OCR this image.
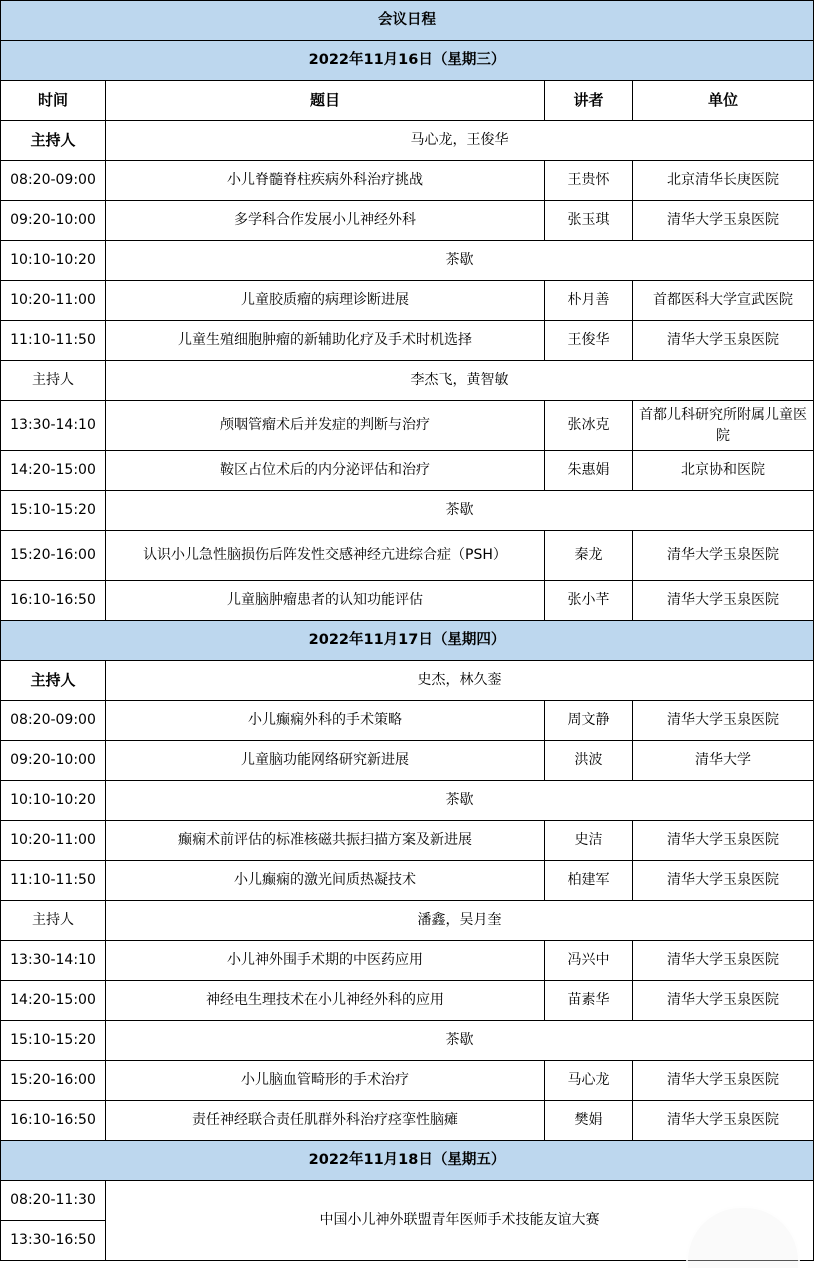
会议日程			
2022年11月16日（星期三）			
时间	题目	讲者	单位
主持人	马心龙，王俊华		
08:20-09:00	小儿脊髓脊柱疾病外科治疗挑战	王贵怀	北京清华长庚医院
09:20-10:00	多学科合作发展小儿神经外科	张玉琪	清华大学玉泉医院
10:10-10:20	茶歇		
10:20-11:00	儿童胶质瘤的病理诊断进展	朴月善	首都医科大学宣武医院
11:10-11:50	儿童生殖细胞肿瘤的新辅助化疗及手术时机选择	王俊华	清华大学玉泉医院
主持人	李杰飞，黄智敏		
13:30-14:10	颅咽管瘤术后并发症的判断与治疗	张冰克	首都儿科研究所附属儿童医院
14:20-15:00	鞍区占位术后的内分泌评估和治疗	朱惠娟	北京协和医院
15:10-15:20	茶歇		
15:20-16:00	认识小儿急性脑损伤后阵发性交感神经亢进综合症（PSH）	秦龙	清华大学玉泉医院
16:10-16:50	儿童脑肿瘤患者的认知功能评估	张小芊	清华大学玉泉医院
2022年11月17日（星期四）			
主持人	史杰，林久銮		
08:20-09:00	小儿癫痫外科的手术策略	周文静	清华大学玉泉医院
09:20-10:00	儿童脑功能网络研究新进展	洪波	清华大学
10:10-10:20	茶歇		
10:20-11:00	癫痫术前评估的标准核磁共振扫描方案及新进展	史洁	清华大学玉泉医院
11:10-11:50	小儿癫痫的激光间质热凝技术	柏建军	清华大学玉泉医院
主持人	潘鑫，吴月奎		
13:30-14:10	小儿神外围手术期的中医药应用	冯兴中	清华大学玉泉医院
14:20-15:00	神经电生理技术在小儿神经外科的应用	苗素华	清华大学玉泉医院
15:10-15:20	茶歇		
15:20-16:00	小儿脑血管畸形的手术治疗	马心龙	清华大学玉泉医院
16:10-16:50	责任神经联合责任肌群外科治疗痉挛性脑瘫	樊娟	清华大学玉泉医院
2022年11月18日（星期五）			
08:20-11:30	中国小儿神外联盟青年医师手术技能友谊大赛		
13:30-16:50			
